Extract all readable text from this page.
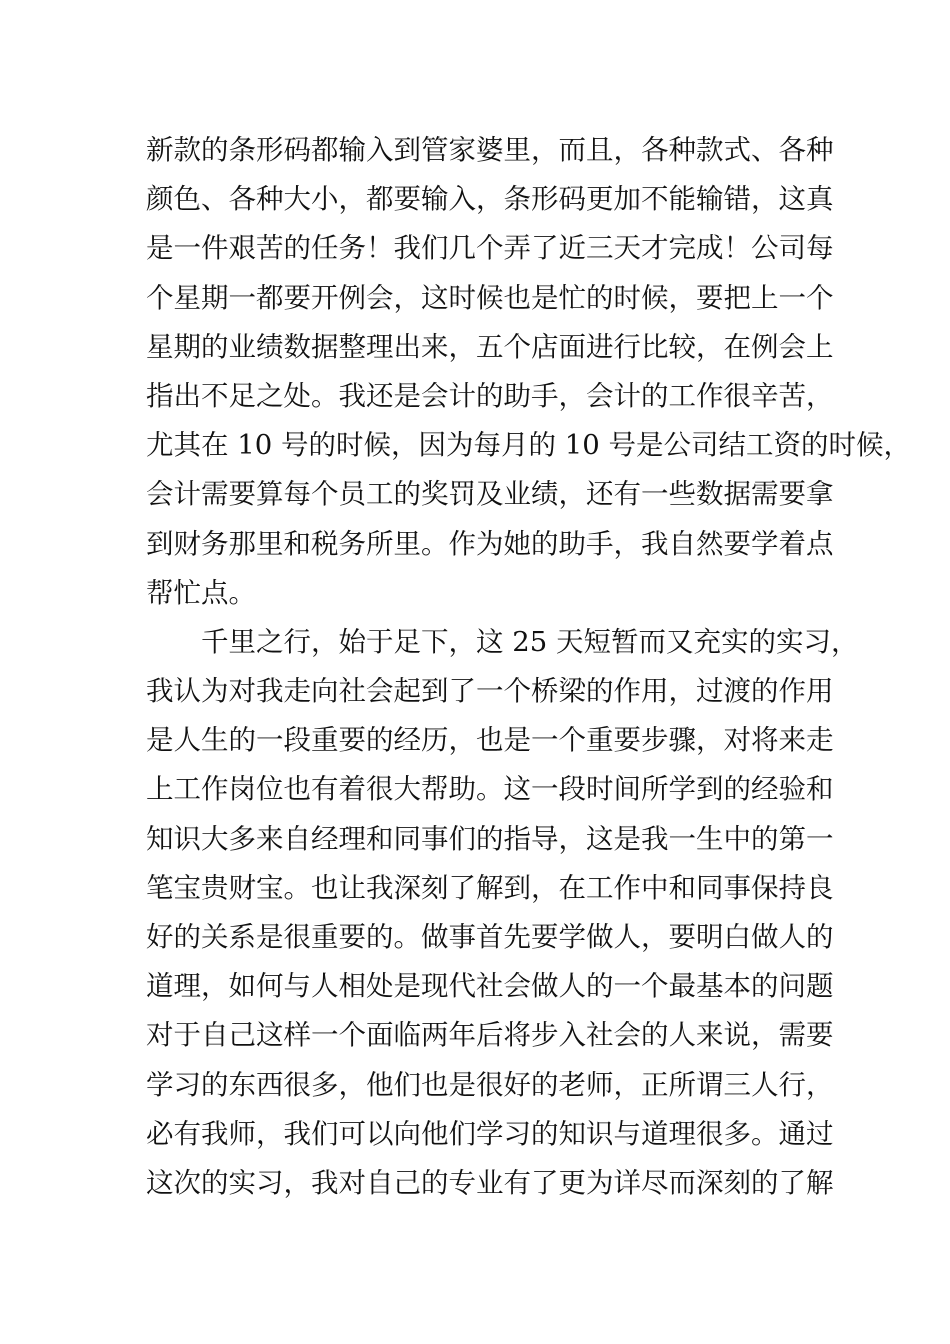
新款的条形码都输入到管家婆里，而且，各种款式、各种
颜色、各种大小，都要输入，条形码更加不能输错，这真
是一件艰苦的任务！我们几个弄了近三天才完成！公司每
个星期一都要开例会，这时候也是忙的时候，要把上一个
星期的业绩数据整理出来，五个店面进行比较，在例会上
指出不足之处。我还是会计的助手，会计的工作很辛苦，
尤其在 10 号的时候，因为每月的 10 号是公司结工资的时候，
会计需要算每个员工的奖罚及业绩，还有一些数据需要拿
到财务那里和税务所里。作为她的助手，我自然要学着点
帮忙点。
　　千里之行，始于足下，这 25 天短暂而又充实的实习，
我认为对我走向社会起到了一个桥梁的作用，过渡的作用
是人生的一段重要的经历，也是一个重要步骤，对将来走
上工作岗位也有着很大帮助。这一段时间所学到的经验和
知识大多来自经理和同事们的指导，这是我一生中的第一
笔宝贵财宝。也让我深刻了解到，在工作中和同事保持良
好的关系是很重要的。做事首先要学做人，要明白做人的
道理，如何与人相处是现代社会做人的一个最基本的问题
对于自己这样一个面临两年后将步入社会的人来说，需要
学习的东西很多，他们也是很好的老师，正所谓三人行，
必有我师，我们可以向他们学习的知识与道理很多。通过
这次的实习，我对自己的专业有了更为详尽而深刻的了解
